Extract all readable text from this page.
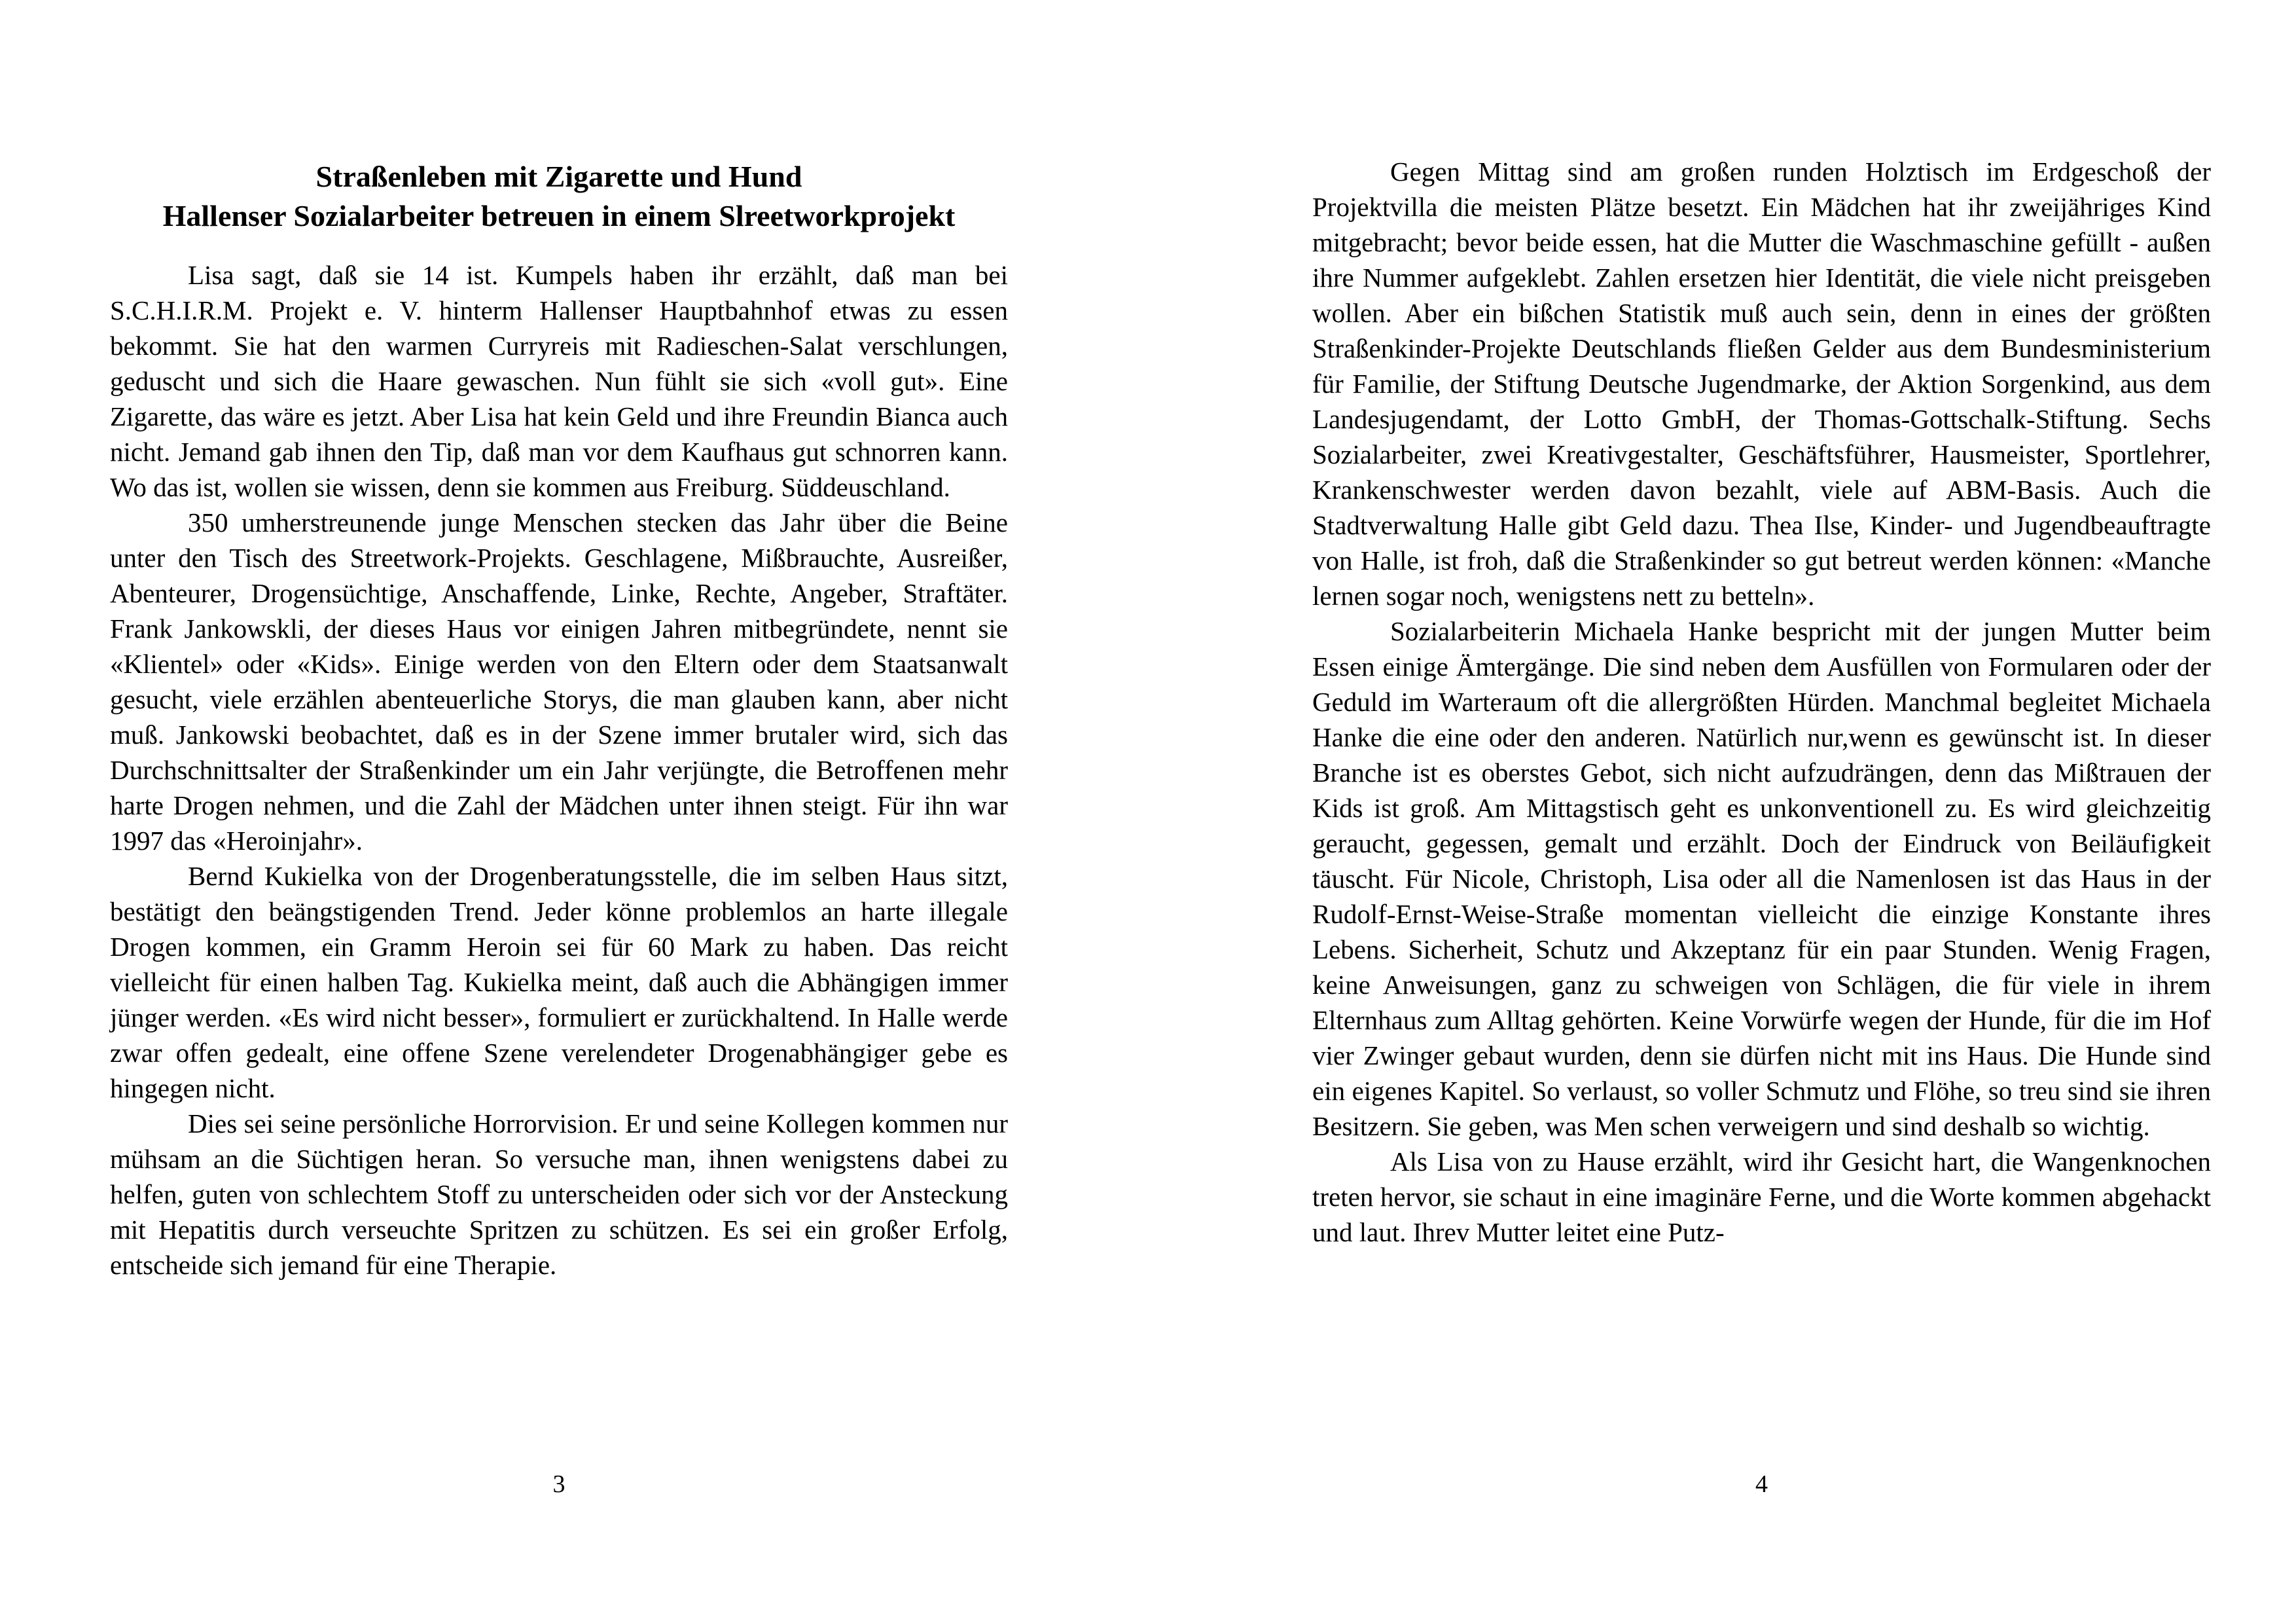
Straßenleben mit Zigarette und Hund
Hallenser Sozialarbeiter betreuen in einem Slreetworkprojekt

Lisa sagt, daß sie 14 ist. Kumpels haben ihr erzählt, daß man bei S.C.H.I.R.M. Projekt e. V. hinterm Hallenser Hauptbahnhof etwas zu essen bekommt. Sie hat den warmen Curryreis mit Radieschen-Salat verschlungen, geduscht und sich die Haare gewaschen. Nun fühlt sie sich «voll gut». Eine Zigarette, das wäre es jetzt. Aber Lisa hat kein Geld und ihre Freundin Bianca auch nicht. Jemand gab ihnen den Tip, daß man vor dem Kaufhaus gut schnorren kann. Wo das ist, wollen sie wissen, denn sie kommen aus Freiburg. Süddeuschland.

350 umherstreunende junge Menschen stecken das Jahr über die Beine unter den Tisch des Streetwork-Projekts. Geschlagene, Mißbrauchte, Ausreißer, Abenteurer, Drogensüchtige, Anschaffende, Linke, Rechte, Angeber, Straftäter. Frank Jankowskli, der dieses Haus vor einigen Jahren mitbegründete, nennt sie «Klientel» oder «Kids». Einige werden von den Eltern oder dem Staatsanwalt gesucht, viele erzählen abenteuerliche Storys, die man glauben kann, aber nicht muß. Jankowski beobachtet, daß es in der Szene immer brutaler wird, sich das Durchschnittsalter der Straßenkinder um ein Jahr verjüngte, die Betroffenen mehr harte Drogen nehmen, und die Zahl der Mädchen unter ihnen steigt. Für ihn war 1997 das «Heroinjahr».

Bernd Kukielka von der Drogenberatungsstelle, die im selben Haus sitzt, bestätigt den beängstigenden Trend. Jeder könne problemlos an harte illegale Drogen kommen, ein Gramm Heroin sei für 60 Mark zu haben. Das reicht vielleicht für einen halben Tag. Kukielka meint, daß auch die Abhängigen immer jünger werden. «Es wird nicht besser», formuliert er zurückhaltend. In Halle werde zwar offen gedealt, eine offene Szene verelendeter Drogenabhängiger gebe es hingegen nicht.

Dies sei seine persönliche Horrorvision. Er und seine Kollegen kommen nur mühsam an die Süchtigen heran. So versuche man, ihnen wenigstens dabei zu helfen, guten von schlechtem Stoff zu unterscheiden oder sich vor der Ansteckung mit Hepatitis durch verseuchte Spritzen zu schützen. Es sei ein großer Erfolg, entscheide sich jemand für eine Therapie.

3

Gegen Mittag sind am großen runden Holztisch im Erdgeschoß der Projektvilla die meisten Plätze besetzt. Ein Mädchen hat ihr zweijähriges Kind mitgebracht; bevor beide essen, hat die Mutter die Waschmaschine gefüllt - außen ihre Nummer aufgeklebt. Zahlen ersetzen hier Identität, die viele nicht preisgeben wollen. Aber ein bißchen Statistik muß auch sein, denn in eines der größten Straßenkinder-Projekte Deutschlands fließen Gelder aus dem Bundesministerium für Familie, der Stiftung Deutsche Jugendmarke, der Aktion Sorgenkind, aus dem Landesjugendamt, der Lotto GmbH, der Thomas-Gottschalk-Stiftung. Sechs Sozialarbeiter, zwei Kreativgestalter, Geschäftsführer, Hausmeister, Sportlehrer, Krankenschwester werden davon bezahlt, viele auf ABM-Basis. Auch die Stadtverwaltung Halle gibt Geld dazu. Thea Ilse, Kinder- und Jugendbeauftragte von Halle, ist froh, daß die Straßenkinder so gut betreut werden können: «Manche lernen sogar noch, wenigstens nett zu betteln».

Sozialarbeiterin Michaela Hanke bespricht mit der jungen Mutter beim Essen einige Ämtergänge. Die sind neben dem Ausfüllen von Formularen oder der Geduld im Warteraum oft die allergrößten Hürden. Manchmal begleitet Michaela Hanke die eine oder den anderen. Natürlich nur,wenn es gewünscht ist. In dieser Branche ist es oberstes Gebot, sich nicht aufzudrängen, denn das Mißtrauen der Kids ist groß. Am Mittagstisch geht es unkonventionell zu. Es wird gleichzeitig geraucht, gegessen, gemalt und erzählt. Doch der Eindruck von Beiläufigkeit täuscht. Für Nicole, Christoph, Lisa oder all die Namenlosen ist das Haus in der Rudolf-Ernst-Weise-Straße momentan vielleicht die einzige Konstante ihres Lebens. Sicherheit, Schutz und Akzeptanz für ein paar Stunden. Wenig Fragen, keine Anweisungen, ganz zu schweigen von Schlägen, die für viele in ihrem Elternhaus zum Alltag gehörten. Keine Vorwürfe wegen der Hunde, für die im Hof vier Zwinger gebaut wurden, denn sie dürfen nicht mit ins Haus. Die Hunde sind ein eigenes Kapitel. So verlaust, so voller Schmutz und Flöhe, so treu sind sie ihren Besitzern. Sie geben, was Men schen verweigern und sind deshalb so wichtig.

Als Lisa von zu Hause erzählt, wird ihr Gesicht hart, die Wangenknochen treten hervor, sie schaut in eine imaginäre Ferne, und die Worte kommen abgehackt und laut. Ihrev Mutter leitet eine Putz-

4
